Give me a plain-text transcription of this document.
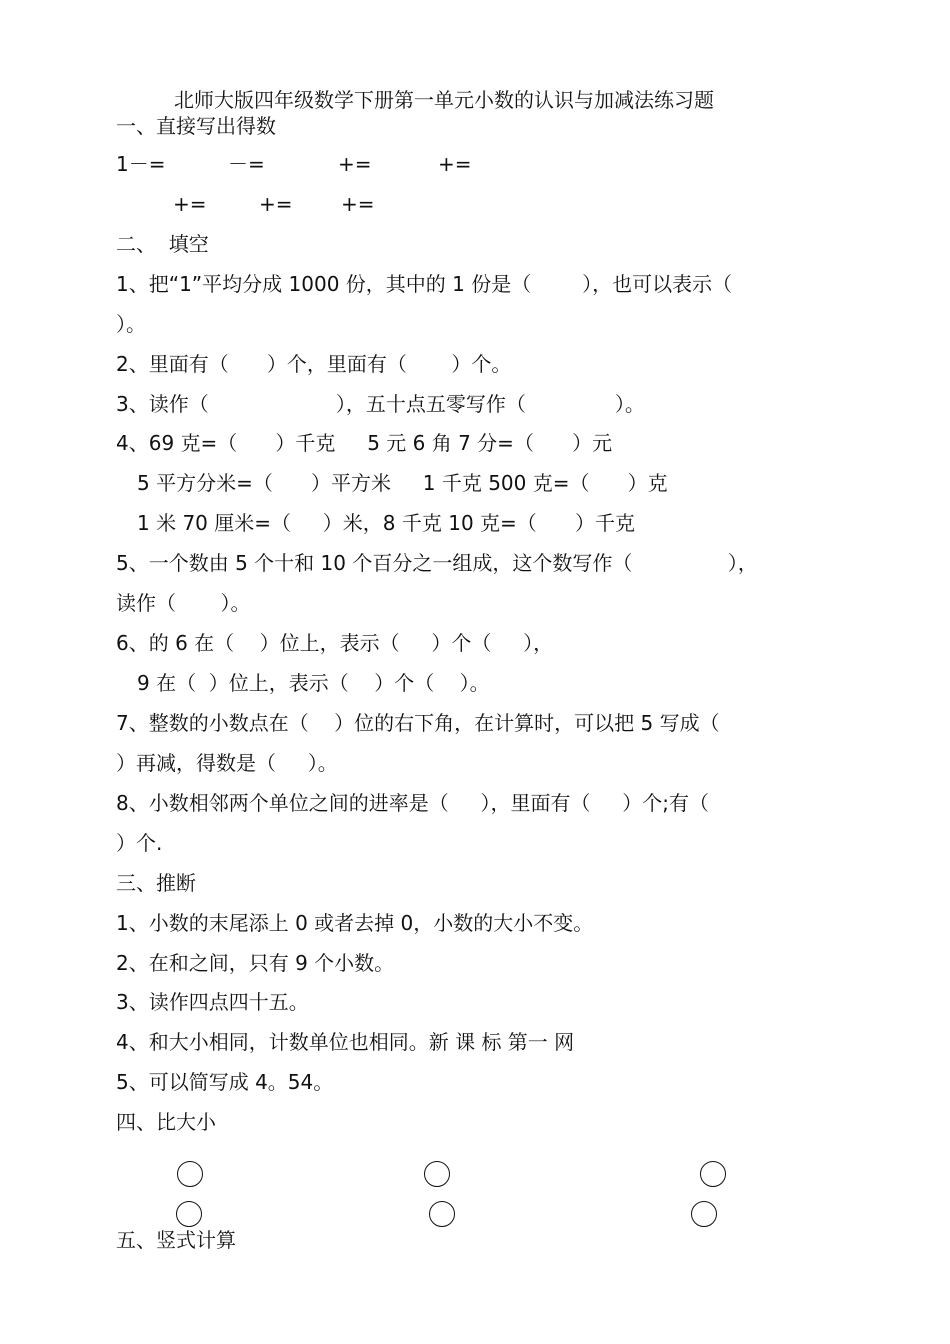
北师大版四年级数学下册第一单元小数的认识与加减法练习题
一、直接写出得数
1－=	－=	+=	+=
+=	+= +=
二、  填空
1、把“1”平均分成 1000 份，其中的 1 份是（        ），也可以表示（
）。
2、里面有（      ）个，里面有（       ）个。
3、读作（                    ），五十点五零写作（              ）。
4、69 克=（      ）千克     5 元 6 角 7 分=（      ）元
5 平方分米=（      ）平方米     1 千克 500 克=（      ）克
1 米 70 厘米=（     ）米，8 千克 10 克=（      ）千克
5、一个数由 5 个十和 10 个百分之一组成，这个数写作（               ），
读作（       ）。
6、的 6 在（    ）位上，表示（     ）个（     ），
9 在（  ）位上，表示（    ）个（    ）。
7、整数的小数点在（    ）位的右下角，在计算时，可以把 5 写成（
）再减，得数是（     ）。
8、小数相邻两个单位之间的进率是（     ），里面有（     ）个;有（
）个.
三、推断
1、小数的末尾添上 0 或者去掉 0，小数的大小不变。
2、在和之间，只有 9 个小数。
3、读作四点四十五。
4、和大小相同，计数单位也相同。新 课 标 第一 网
5、可以简写成 4。54。
四、比大小
五、竖式计算
